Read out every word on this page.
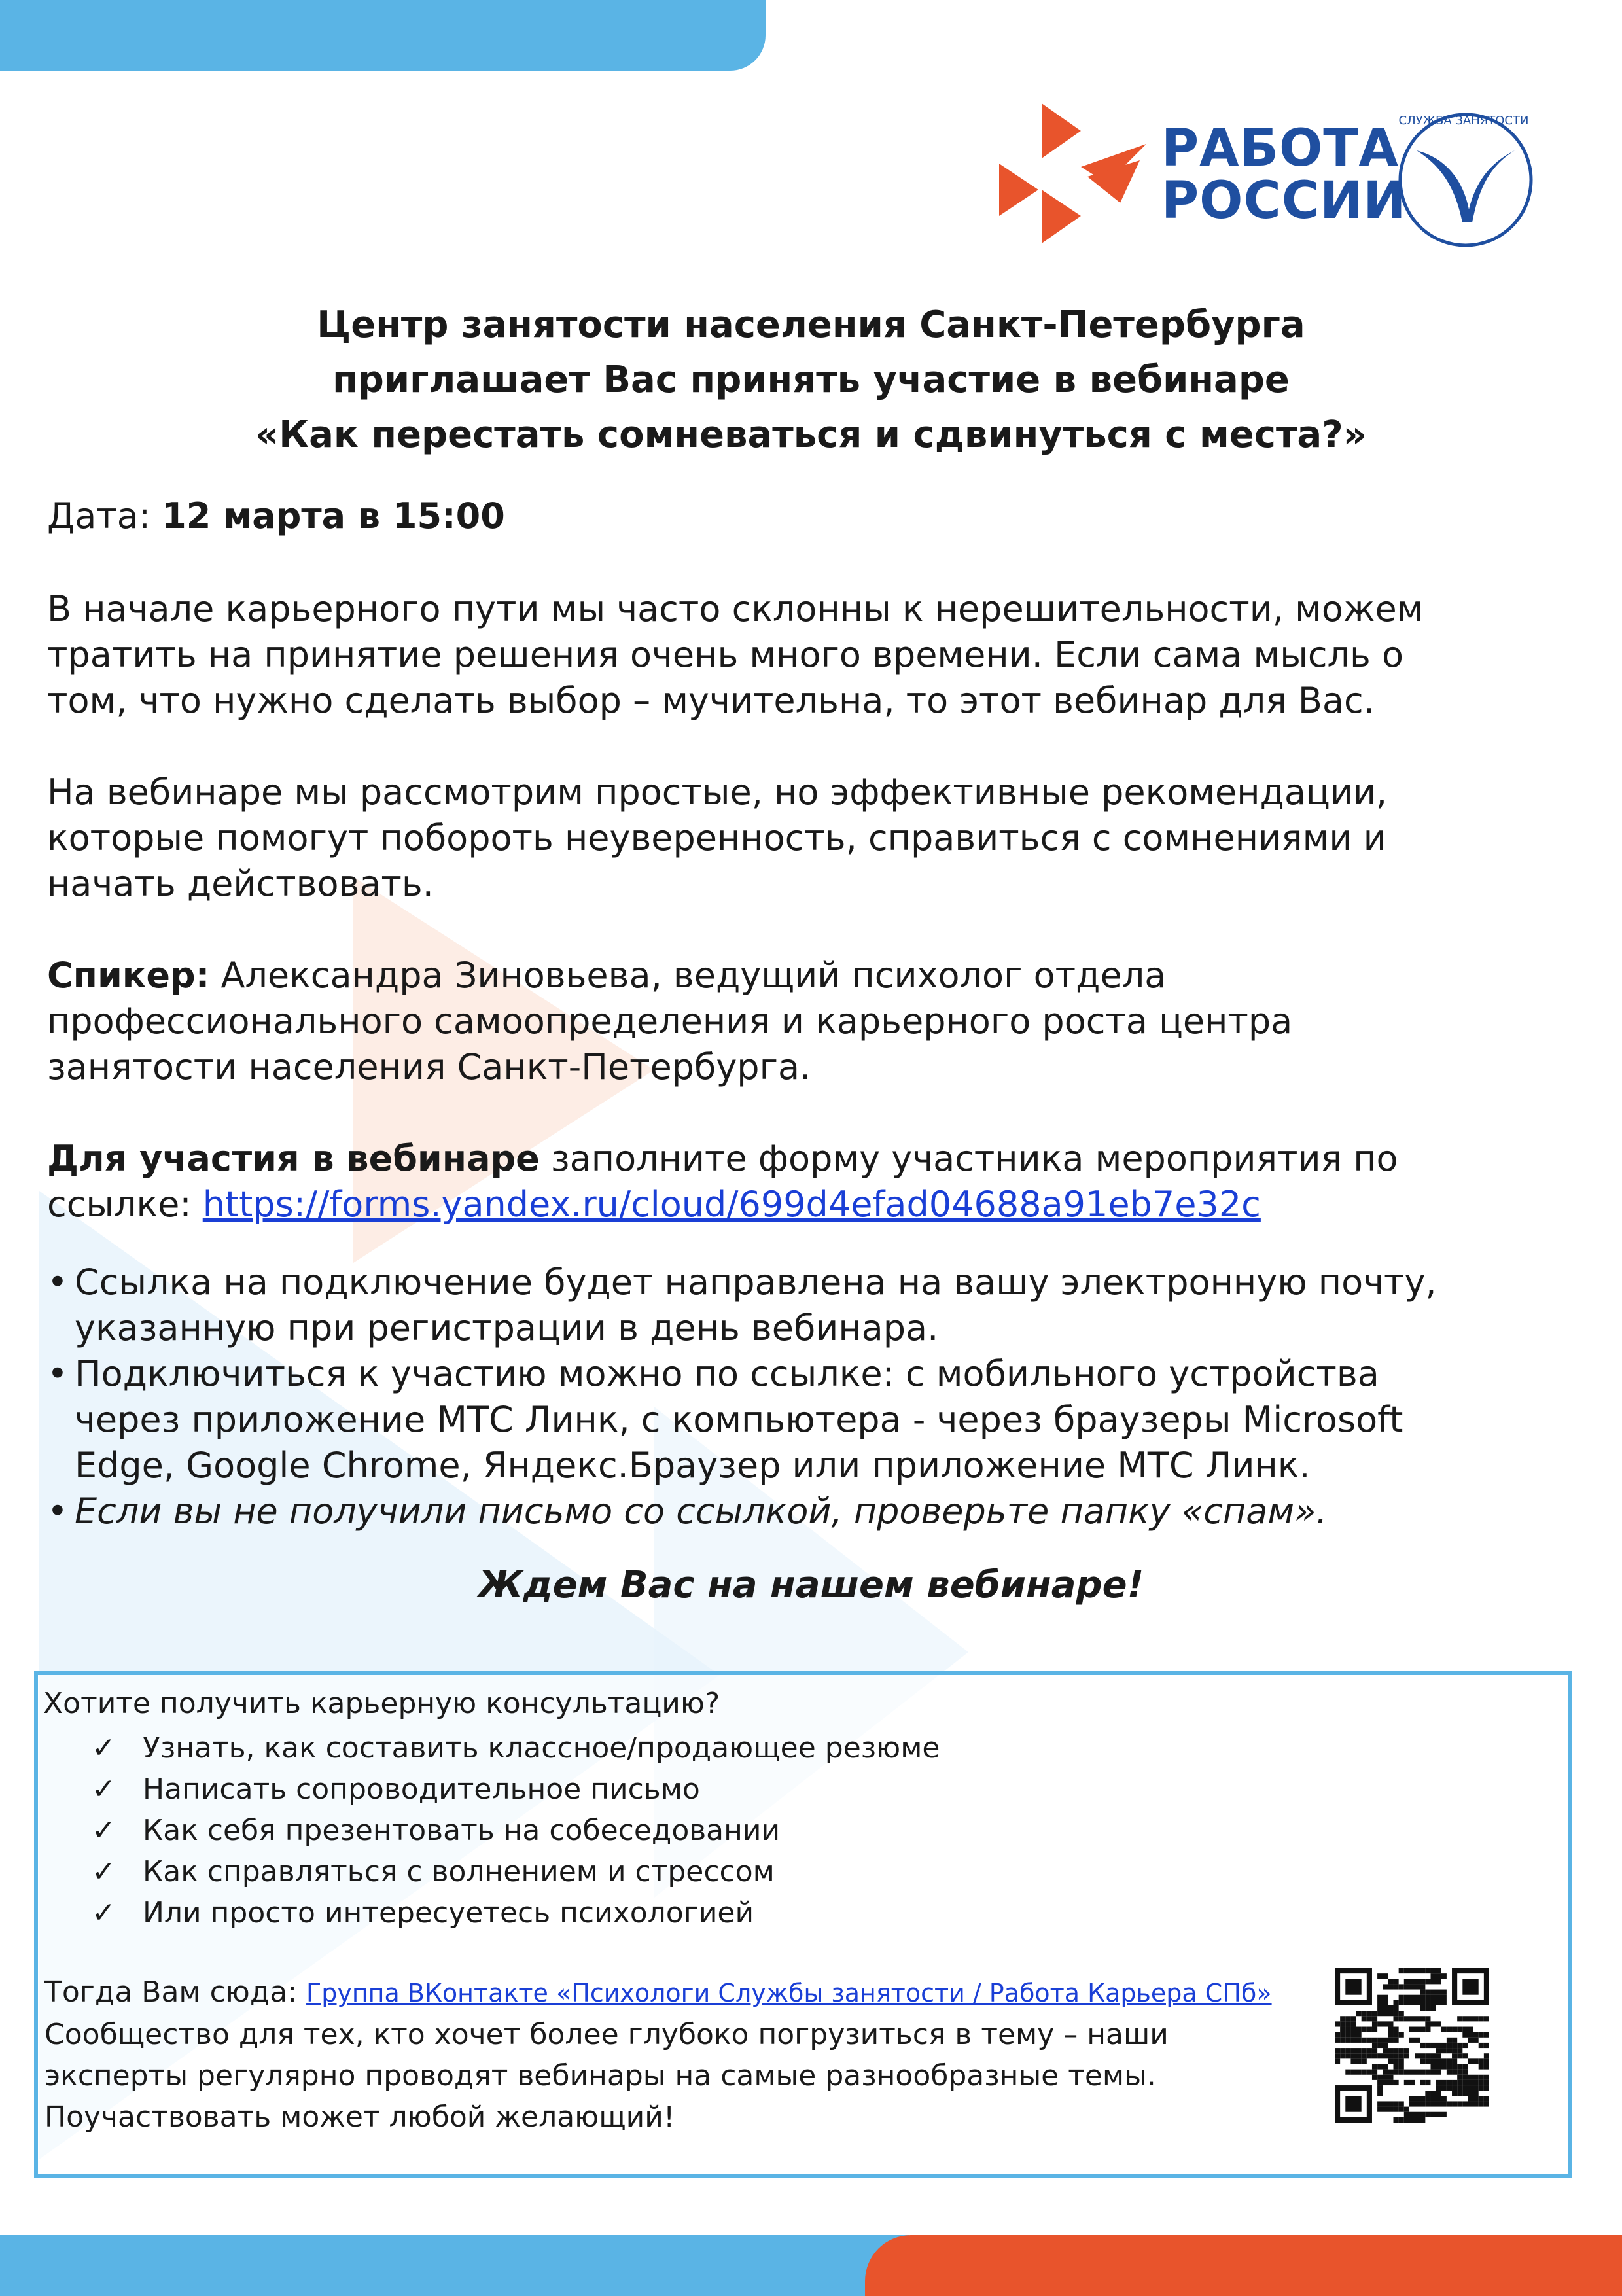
РАБОТА
РОССИИ
СЛУЖБА ЗАНЯТОСТИ
Центр занятости населения Санкт-Петербурга
приглашает Вас принять участие в вебинаре
«Как перестать сомневаться и сдвинуться с места?»
Дата: 12 марта в 15:00
В начале карьерного пути мы часто склонны к нерешительности, можем
тратить на принятие решения очень много времени. Если сама мысль о
том, что нужно сделать выбор – мучительна, то этот вебинар для Вас.
На вебинаре мы рассмотрим простые, но эффективные рекомендации,
которые помогут побороть неуверенность, справиться с сомнениями и
начать действовать.
Спикер: Александра Зиновьева, ведущий психолог отдела
профессионального самоопределения и карьерного роста центра
занятости населения Санкт-Петербурга.
Для участия в вебинаре заполните форму участника мероприятия по
ссылке: https://forms.yandex.ru/cloud/699d4efad04688a91eb7e32c
• Ссылка на подключение будет направлена на вашу электронную почту,
указанную при регистрации в день вебинара.
• Подключиться к участию можно по ссылке: с мобильного устройства
через приложение МТС Линк, с компьютера - через браузеры Microsoft
Edge, Google Chrome, Яндекс.Браузер или приложение МТС Линк.
• Если вы не получили письмо со ссылкой, проверьте папку «спам».
Ждем Вас на нашем вебинаре!
Хотите получить карьерную консультацию?
✓ Узнать, как составить классное/продающее резюме
✓ Написать сопроводительное письмо
✓ Как себя презентовать на собеседовании
✓ Как справляться с волнением и стрессом
✓ Или просто интересуетесь психологией
Тогда Вам сюда: Группа ВКонтакте «Психологи Службы занятости / Работа Карьера СПб»
Сообщество для тех, кто хочет более глубоко погрузиться в тему – наши
эксперты регулярно проводят вебинары на самые разнообразные темы.
Поучаствовать может любой желающий!
